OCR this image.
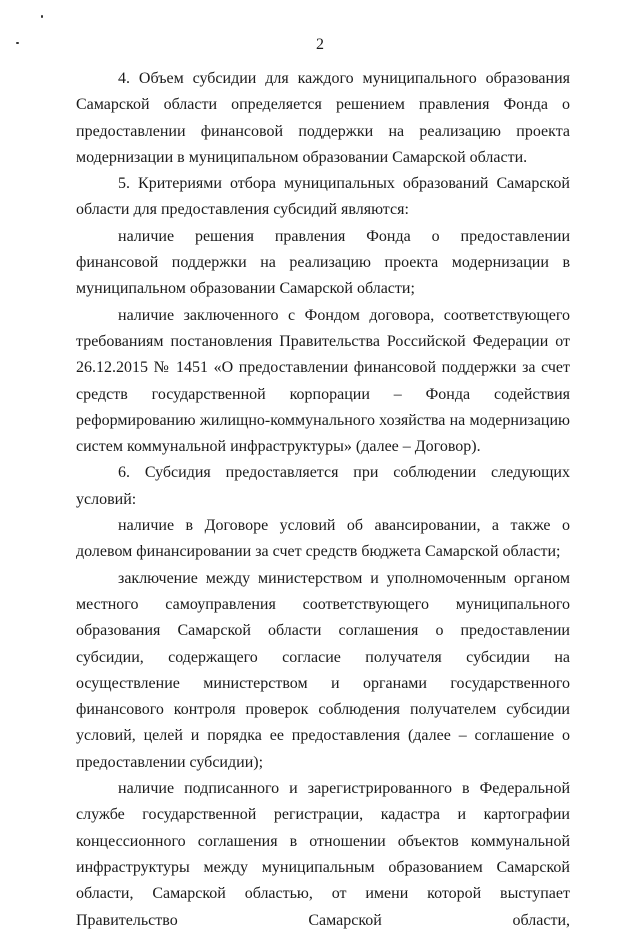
2

4. Объем субсидии для каждого муниципального образования Самарской области определяется решением правления Фонда о предоставлении финансовой поддержки на реализацию проекта модернизации в муниципальном образовании Самарской области.

5. Критериями отбора муниципальных образований Самарской области для предоставления субсидий являются:

наличие решения правления Фонда о предоставлении финансовой поддержки на реализацию проекта модернизации в муниципальном образовании Самарской области;

наличие заключенного с Фондом договора, соответствующего требованиям постановления Правительства Российской Федерации от 26.12.2015 № 1451 «О предоставлении финансовой поддержки за счет средств государственной корпорации – Фонда содействия реформированию жилищно-коммунального хозяйства на модернизацию систем коммунальной инфраструктуры» (далее – Договор).

6. Субсидия предоставляется при соблюдении следующих условий:

наличие в Договоре условий об авансировании, а также о долевом финансировании за счет средств бюджета Самарской области;

заключение между министерством и уполномоченным органом местного самоуправления соответствующего муниципального образования Самарской области соглашения о предоставлении субсидии, содержащего согласие получателя субсидии на осуществление министерством и органами государственного финансового контроля проверок соблюдения получателем субсидии условий, целей и порядка ее предоставления (далее – соглашение о предоставлении субсидии);

наличие подписанного и зарегистрированного в Федеральной службе государственной регистрации, кадастра и картографии концессионного соглашения в отношении объектов коммунальной инфраструктуры между муниципальным образованием Самарской области, Самарской областью, от имени которой выступает Правительство Самарской области,
